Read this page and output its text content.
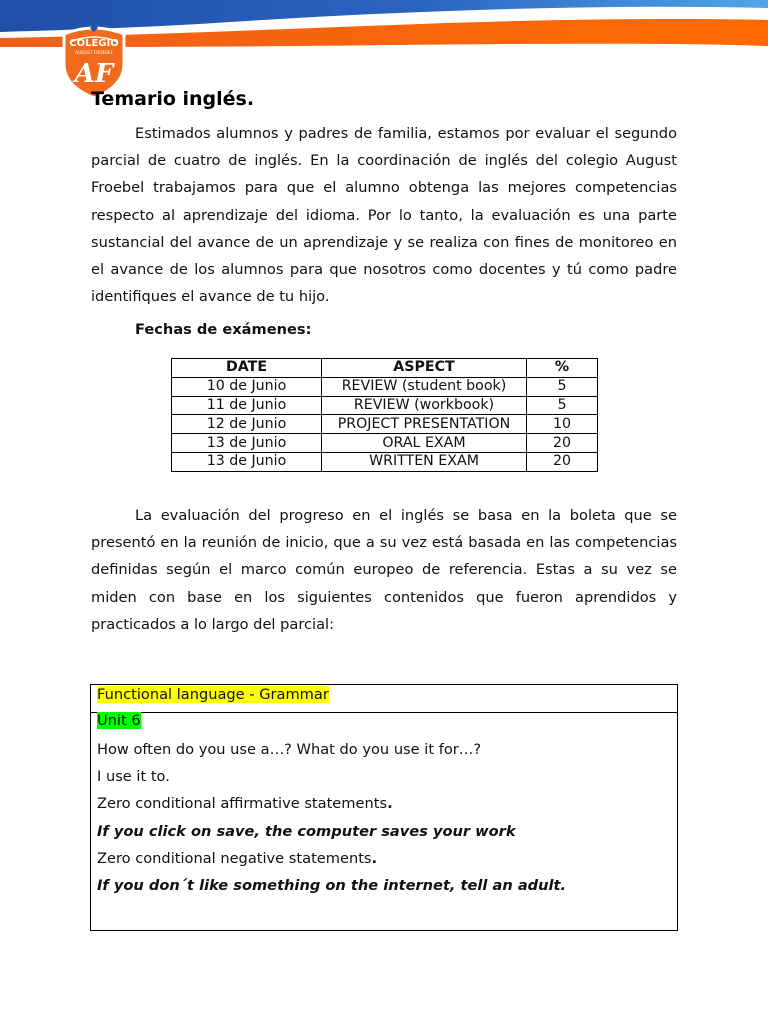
COLEGIO
AUGUST FROEBEL
AF
Temario inglés.

Estimados alumnos y padres de familia, estamos por evaluar el segundo parcial de cuatro de inglés. En la coordinación de inglés del colegio August Froebel trabajamos para que el alumno obtenga las mejores competencias respecto al aprendizaje del idioma. Por lo tanto, la evaluación es una parte sustancial del avance de un aprendizaje y se realiza con fines de monitoreo en el avance de los alumnos para que nosotros como docentes y tú como padre identifiques el avance de tu hijo.

Fechas de exámenes:

DATE	ASPECT	%
10 de Junio	REVIEW (student book)	5
11 de Junio	REVIEW (workbook)	5
12 de Junio	PROJECT PRESENTATION	10
13 de Junio	ORAL EXAM	20
13 de Junio	WRITTEN EXAM	20

La evaluación del progreso en el inglés se basa en la boleta que se presentó en la reunión de inicio, que a su vez está basada en las competencias definidas según el marco común europeo de referencia. Estas a su vez se miden con base en los siguientes contenidos que fueron aprendidos y practicados a lo largo del parcial:

Functional language - Grammar
Unit 6
How often do you use a…? What do you use it for…?
I use it to.
Zero conditional affirmative statements.
If you click on save, the computer saves your work
Zero conditional negative statements.
If you don´t like something on the internet, tell an adult.
